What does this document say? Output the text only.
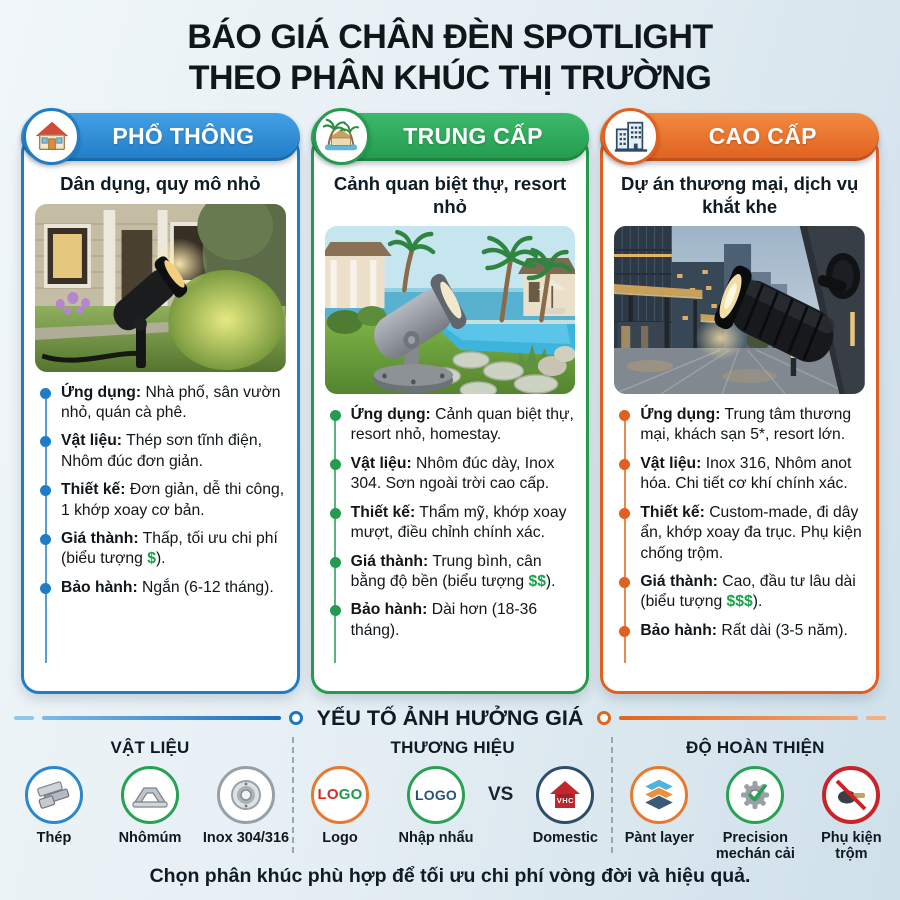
BÁO GIÁ CHÂN ĐÈN SPOTLIGHT
THEO PHÂN KHÚC THỊ TRƯỜNG
PHỔ THÔNG
Dân dụng, quy mô nhỏ
Ứng dụng: Nhà phố, sân vườn nhỏ, quán cà phê.
Vật liệu: Thép sơn tĩnh điện, Nhôm đúc đơn giản.
Thiết kế: Đơn giản, dễ thi công, 1 khớp xoay cơ bản.
Giá thành: Thấp, tối ưu chi phí (biểu tượng $).
Bảo hành: Ngắn (6-12 tháng).
TRUNG CẤP
Cảnh quan biệt thự, resort nhỏ
Ứng dụng: Cảnh quan biệt thự, resort nhỏ, homestay.
Vật liệu: Nhôm đúc dày, Inox 304. Sơn ngoài trời cao cấp.
Thiết kế: Thẩm mỹ, khớp xoay mượt, điều chỉnh chính xác.
Giá thành: Trung bình, cân bằng độ bền (biểu tượng $$).
Bảo hành: Dài hơn (18-36 tháng).
CAO CẤP
Dự án thương mại, dịch vụ khắt khe
Ứng dụng: Trung tâm thương mại, khách sạn 5*, resort lớn.
Vật liệu: Inox 316, Nhôm anot hóa. Chi tiết cơ khí chính xác.
Thiết kế: Custom-made, đi dây ẩn, khớp xoay đa trục. Phụ kiện chống trộm.
Giá thành: Cao, đầu tư lâu dài (biểu tượng $$$).
Bảo hành: Rất dài (3-5 năm).
YẾU TỐ ẢNH HƯỞNG GIÁ
VẬT LIỆU
Thép	Nhômúm Inox 304/316
THƯƠNG HIỆU
LO GO
Logo
LOGO
Nhập nhẩu
VS	VHC
Domestic
ĐỘ HOÀN THIỆN
Pànt layer	Precision mechán cải
Phụ kiện trộm
Chọn phân khúc phù hợp để tối ưu chi phí vòng đời và hiệu quả.
